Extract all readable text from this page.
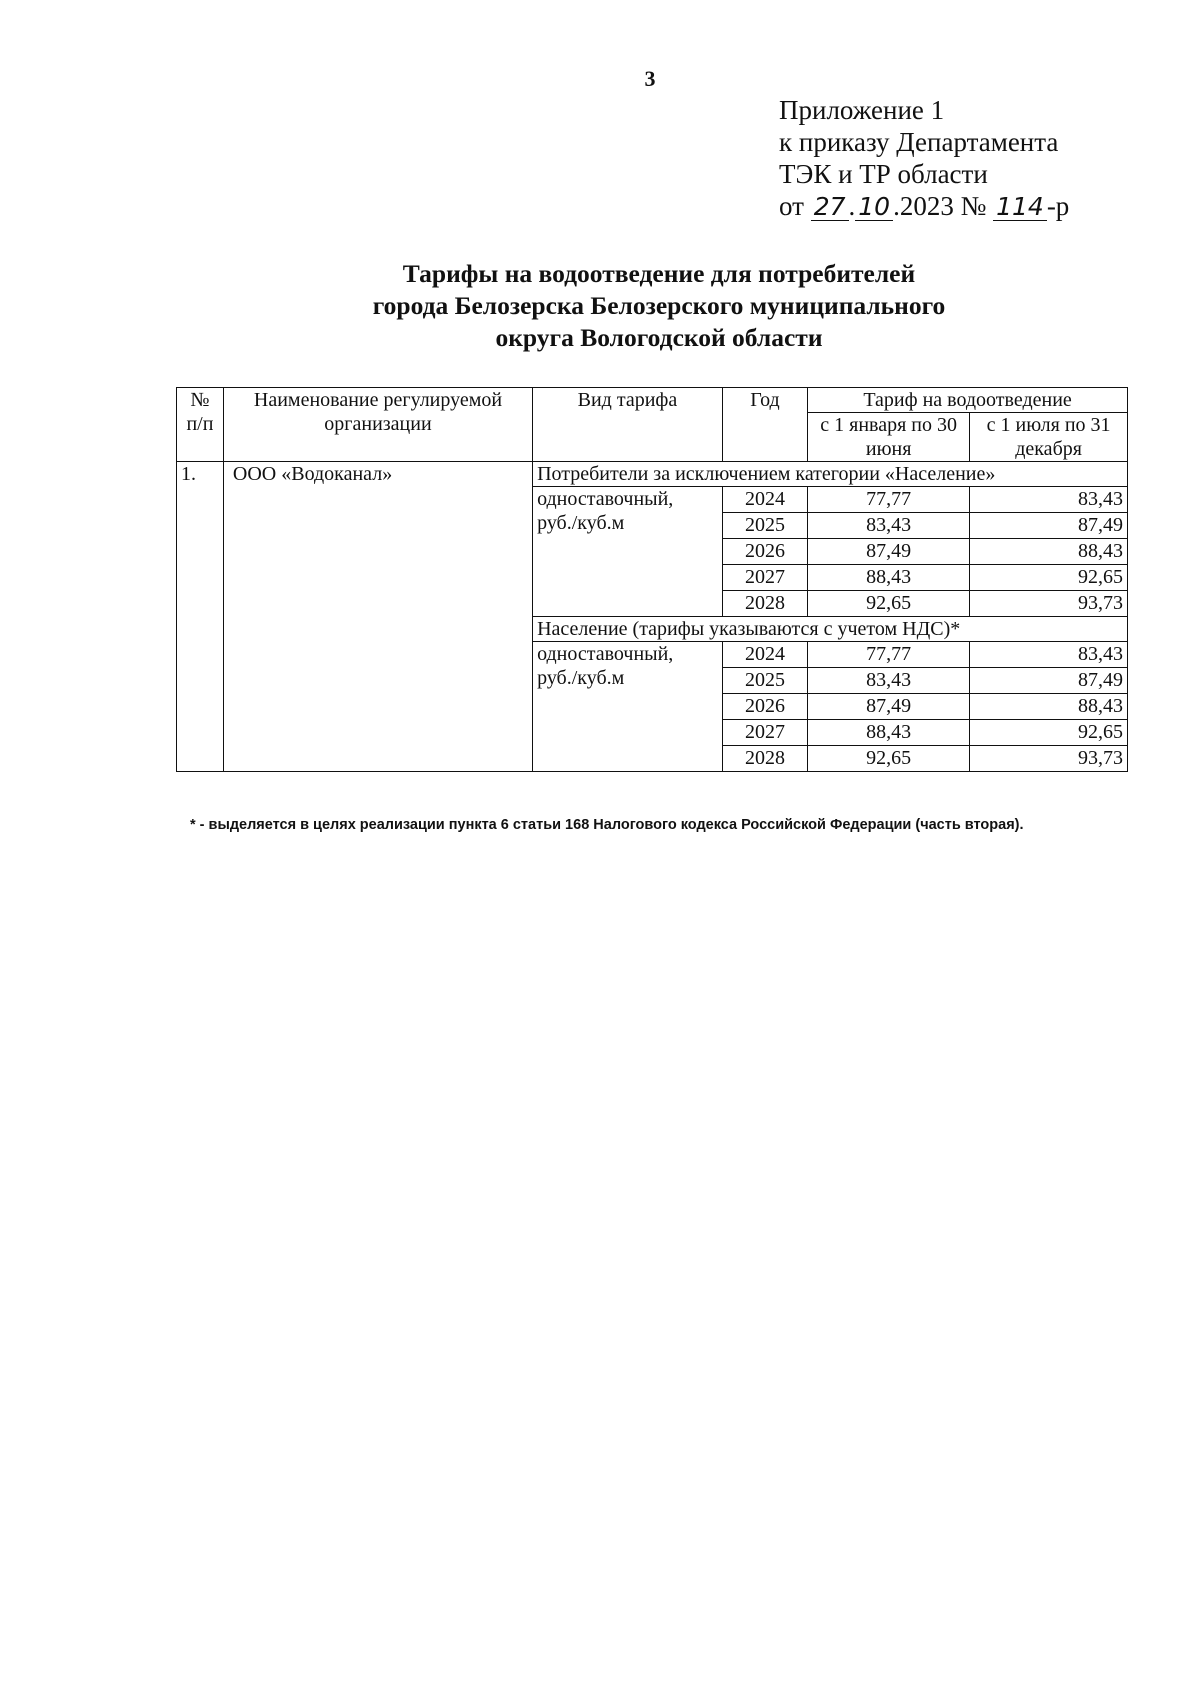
3
Приложение 1
к приказу Департамента
ТЭК и ТР области
от 27 . 10 .2023 № 114 -р
Тарифы на водоотведение для потребителей
города Белозерска Белозерского муниципального
округа Вологодской области
№ п/п	Наименование регулируемой организации	Вид тарифа	Год	Тариф на водоотведение	
				с 1 января по 30 июня	с 1 июля по 31 декабря
1.	ООО «Водоканал»	Потребители за исключением категории «Население»			
		одноставочный, руб./куб.м	2024	77,77	83,43
			2025	83,43	87,49
			2026	87,49	88,43
			2027	88,43	92,65
			2028	92,65	93,73
		Население (тарифы указываются с учетом НДС)*			
		одноставочный, руб./куб.м	2024	77,77	83,43
			2025	83,43	87,49
			2026	87,49	88,43
			2027	88,43	92,65
			2028	92,65	93,73
* - выделяется в целях реализации пункта 6 статьи 168 Налогового кодекса Российской Федерации (часть вторая).
